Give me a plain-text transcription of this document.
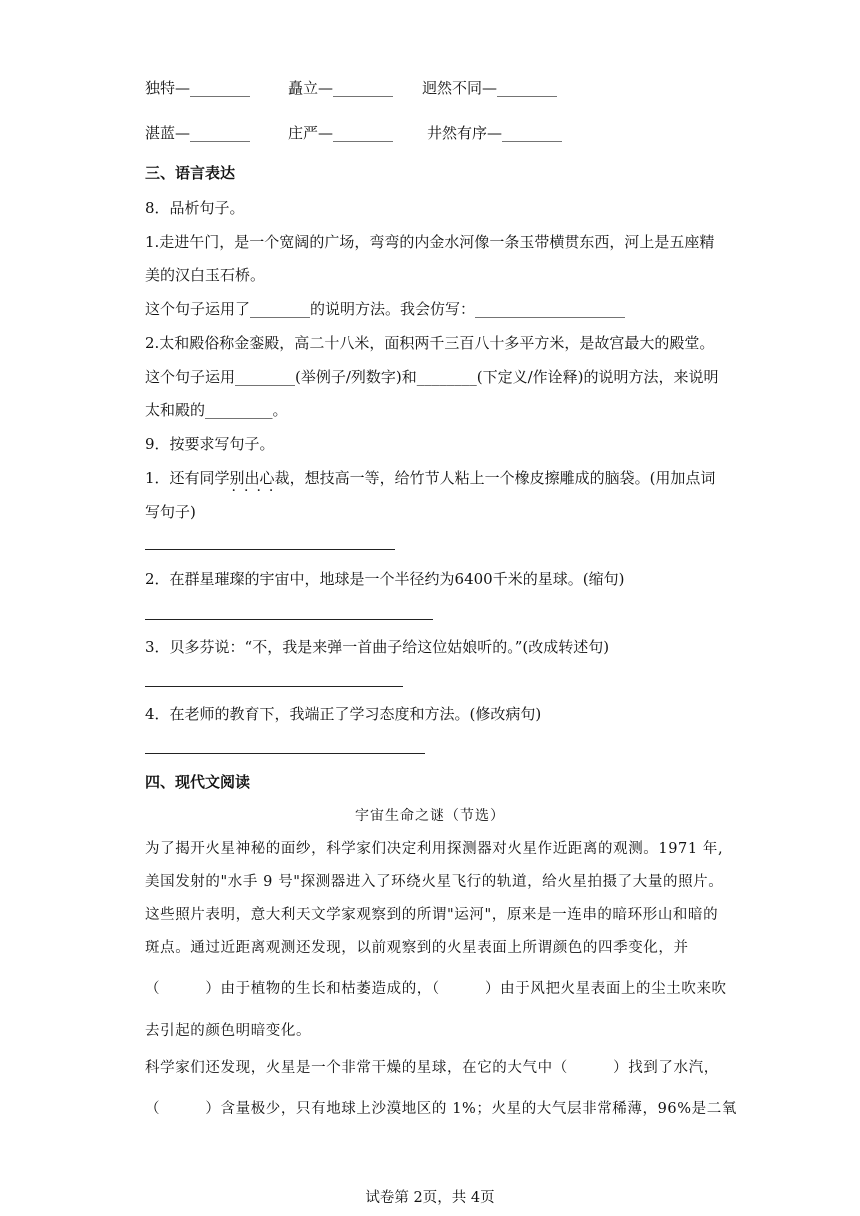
独特—________	矗立—________ 迥然不同—________
湛蓝—________	庄严—________ 井然有序—________
三、语言表达
8．品析句子。
1.走进午门，是一个宽阔的广场，弯弯的内金水河像一条玉带横贯东西，河上是五座精
美的汉白玉石桥。
这个句子运用了________的说明方法。我会仿写：____________________
2.太和殿俗称金銮殿，高二十八米，面积两千三百八十多平方米，是故宫最大的殿堂。
这个句子运用________(举例子/列数字)和________(下定义/作诠释)的说明方法，来说明
太和殿的_________。
9．按要求写句子。
1．还有同学别出心裁 ····，想技高一等，给竹节人粘上一个橡皮擦雕成的脑袋。(用加点词
写句子)
2．在群星璀璨的宇宙中，地球是一个半径约为6400千米的星球。(缩句)
3．贝多芬说：“不，我是来弹一首曲子给这位姑娘听的。”(改成转述句)
4．在老师的教育下，我端正了学习态度和方法。(修改病句)
四、现代文阅读
宇宙生命之谜（节选）
为了揭开火星神秘的面纱，科学家们决定利用探测器对火星作近距离的观测。1971 年,
美国发射的"水手 9 号"探测器进入了环绕火星飞行的轨道，给火星拍摄了大量的照片。
这些照片表明，意大利天文学家观察到的所谓"运河"，原来是一连串的暗环形山和暗的
斑点。通过近距离观测还发现，以前观察到的火星表面上所谓颜色的四季变化，并
（　　　）由于植物的生长和枯萎造成的，（　　　）由于风把火星表面上的尘土吹来吹
去引起的颜色明暗变化。
科学家们还发现，火星是一个非常干燥的星球，在它的大气中（　　　）找到了水汽，
（　　　）含量极少，只有地球上沙漠地区的 1%；火星的大气层非常稀薄，96%是二氧
试卷第 2页，共 4页
